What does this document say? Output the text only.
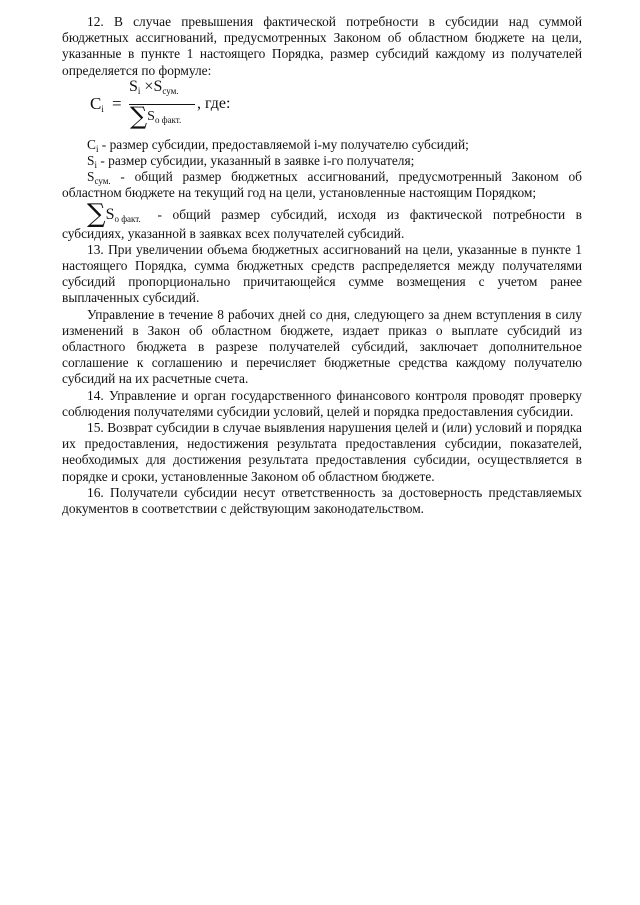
12. В случае превышения фактической потребности в субсидии над суммой бюджетных ассигнований, предусмотренных Законом об областном бюджете на цели, указанные в пункте 1 настоящего Порядка, размер субсидий каждому из получателей определяется по формуле:

$C_i$ =
$S_i \times S_{сум.}$
$\sum S_{о факт.}$
, где:

$C_i$ - размер субсидии, предоставляемой i-му получателю субсидий;

$S_i$ - размер субсидии, указанный в заявке i-го получателя;

$S_{сум.}$ - общий размер бюджетных ассигнований, предусмотренный Законом об областном бюджете на текущий год на цели, установленные настоящим Порядком;

$\sum S_{о факт.}$ - общий размер субсидий, исходя из фактической потребности в субсидиях, указанной в заявках всех получателей субсидий.

13. При увеличении объема бюджетных ассигнований на цели, указанные в пункте 1 настоящего Порядка, сумма бюджетных средств распределяется между получателями субсидий пропорционально причитающейся сумме возмещения с учетом ранее выплаченных субсидий.

Управление в течение 8 рабочих дней со дня, следующего за днем вступления в силу изменений в Закон об областном бюджете, издает приказ о выплате субсидий из областного бюджета в разрезе получателей субсидий, заключает дополнительное соглашение к соглашению и перечисляет бюджетные средства каждому получателю субсидий на их расчетные счета.

14. Управление и орган государственного финансового контроля проводят проверку соблюдения получателями субсидии условий, целей и порядка предоставления субсидии.

15. Возврат субсидии в случае выявления нарушения целей и (или) условий и порядка их предоставления, недостижения результата предоставления субсидии, показателей, необходимых для достижения результата предоставления субсидии, осуществляется в порядке и сроки, установленные Законом об областном бюджете.

16. Получатели субсидии несут ответственность за достоверность представляемых документов в соответствии с действующим законодательством.
